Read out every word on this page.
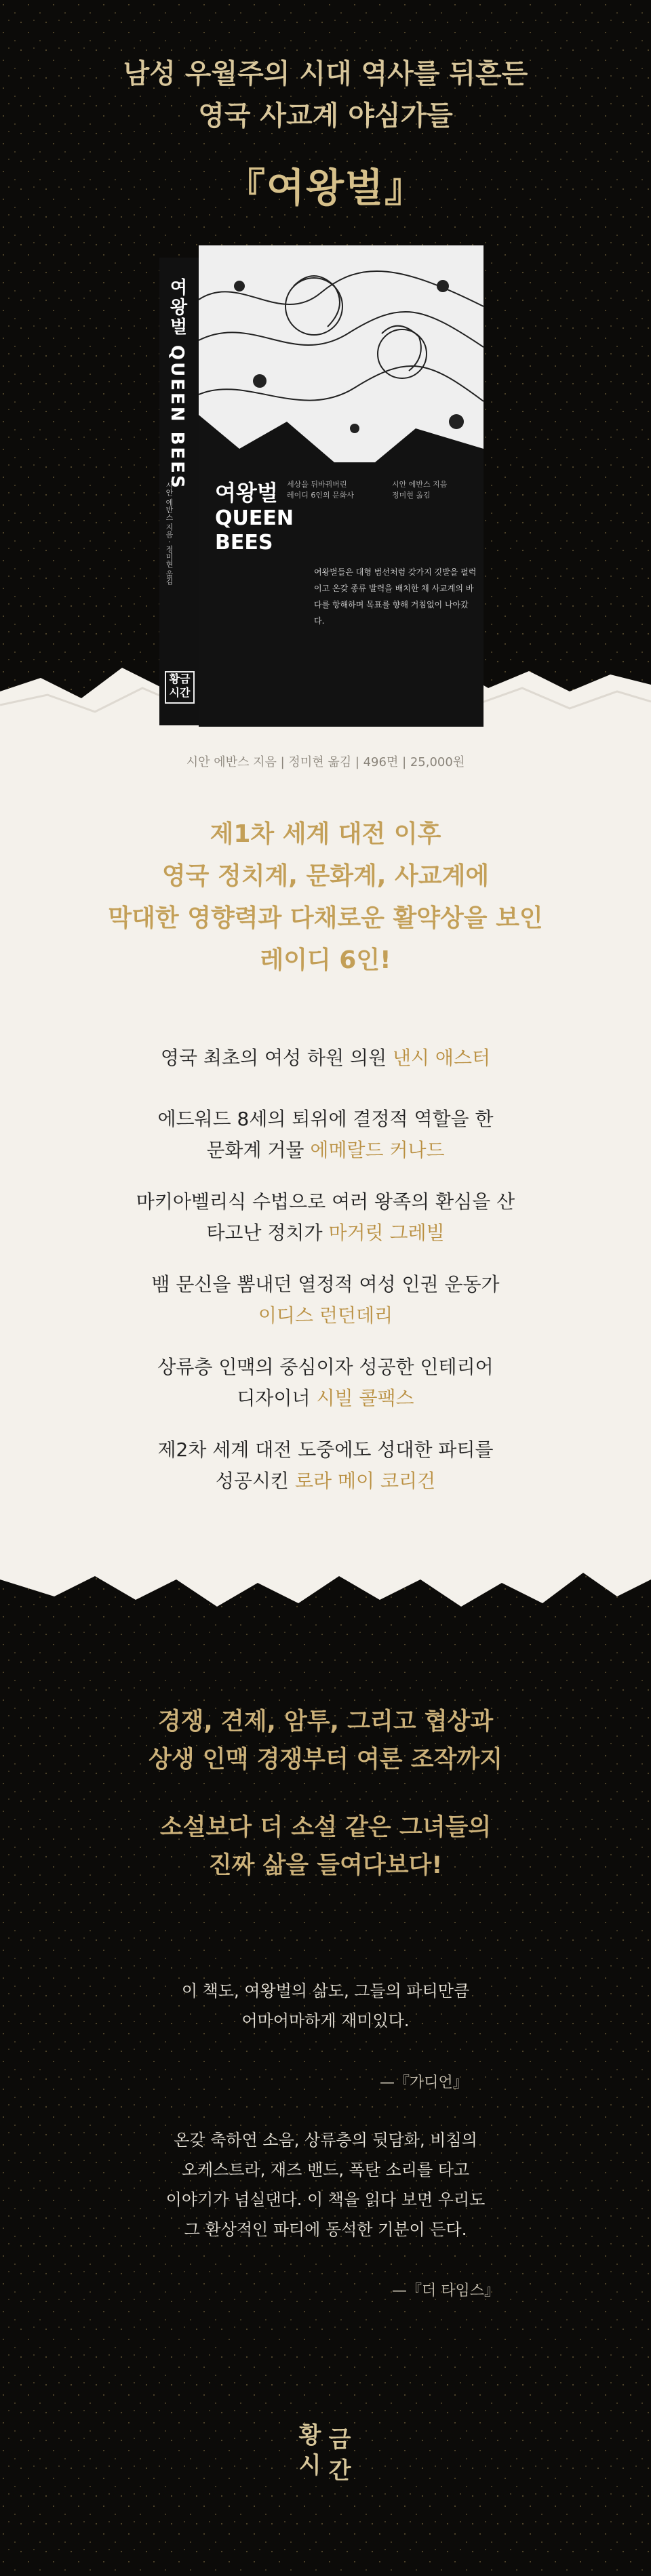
남성 우월주의 시대 역사를 뒤흔든
영국 사교계 야심가들
『여왕벌』
여왕벌 QUEEN BEES
시안 에반스 지음 · 정미현 옮김
황금 시간
여왕벌
QUEEN
BEES
세상을 뒤바꿔버린
레이디 6인의 문화사
시안 에반스 지음
정미현 옮김
여왕벌들은 대형 범선처럼 갖가지 깃발을 펄럭이고 온갖 종류 발력을 배치한 채 사교계의 바다를 항해하며 목표를 향해 거침없이 나아갔다.
시안 에반스 지음 | 정미현 옮김 | 496면 | 25,000원
제1차 세계 대전 이후
영국 정치계, 문화계, 사교계에
막대한 영향력과 다채로운 활약상을 보인
레이디 6인!
영국 최초의 여성 하원 의원 낸시 애스터
에드워드 8세의 퇴위에 결정적 역할을 한
문화계 거물 에메랄드 커나드
마키아벨리식 수법으로 여러 왕족의 환심을 산
타고난 정치가 마거릿 그레빌
뱀 문신을 뽐내던 열정적 여성 인권 운동가
이디스 런던데리
상류층 인맥의 중심이자 성공한 인테리어
디자이너 시빌 콜팩스
제2차 세계 대전 도중에도 성대한 파티를
성공시킨 로라 메이 코리건
경쟁, 견제, 암투, 그리고 협상과
상생 인맥 경쟁부터 여론 조작까지
소설보다 더 소설 같은 그녀들의
진짜 삶을 들여다보다!
이 책도, 여왕벌의 삶도, 그들의 파티만큼
어마어마하게 재미있다.
—『가디언』
온갖 축하연 소음, 상류층의 뒷담화, 비침의
오케스트라, 재즈 밴드, 폭탄 소리를 타고
이야기가 넘실댄다. 이 책을 읽다 보면 우리도
그 환상적인 파티에 동석한 기분이 든다.
—『더 타임스』
황 금
시 간
